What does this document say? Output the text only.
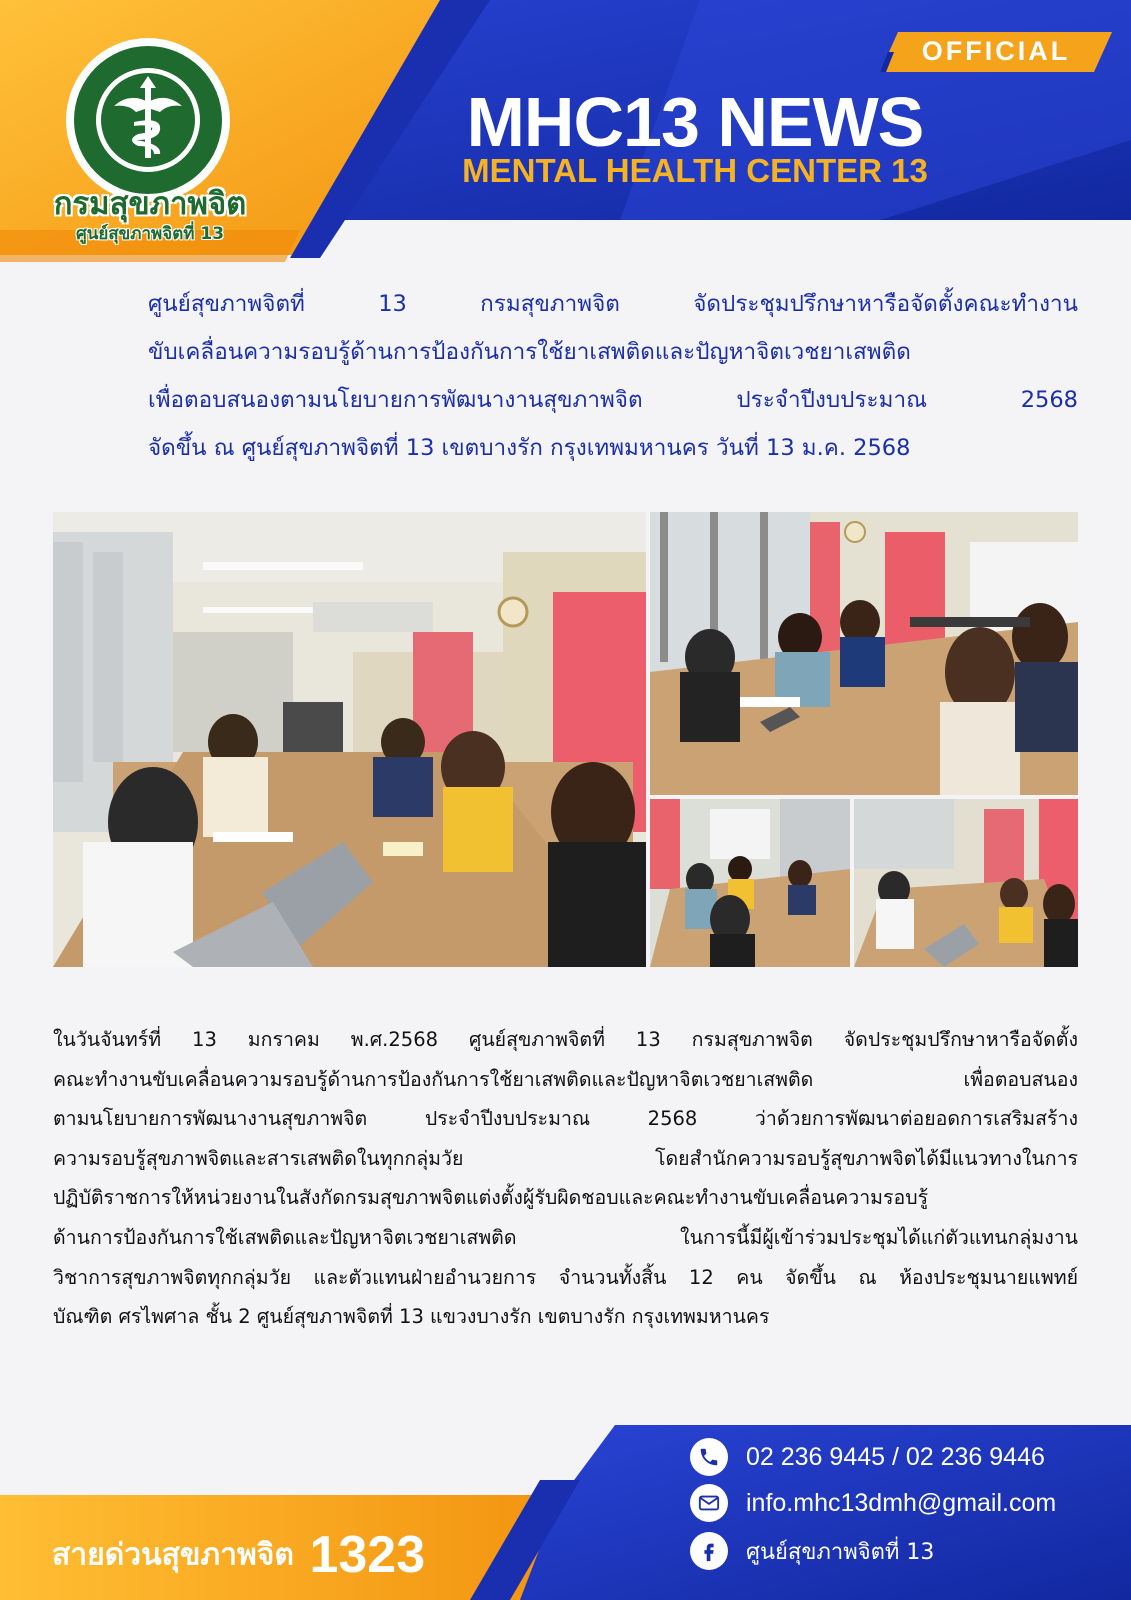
กรมสุขภาพจิต
ศูนย์สุขภาพจิตที่ 13
OFFICIAL
MHC13 NEWS
MENTAL HEALTH CENTER 13
ศูนย์สุขภาพจิตที่ 13 กรมสุขภาพจิต จัดประชุมปรึกษาหารือจัดตั้งคณะทำงาน
ขับเคลื่อนความรอบรู้ด้านการป้องกันการใช้ยาเสพติดและปัญหาจิตเวชยาเสพติด
เพื่อตอบสนองตามนโยบายการพัฒนางานสุขภาพจิต ประจำปีงบประมาณ 2568
จัดขึ้น ณ ศูนย์สุขภาพจิตที่ 13 เขตบางรัก กรุงเทพมหานคร วันที่ 13 ม.ค. 2568
ในวันจันทร์ที่ 13 มกราคม พ.ศ.2568 ศูนย์สุขภาพจิตที่ 13 กรมสุขภาพจิต จัดประชุมปรึกษาหารือจัดตั้ง
คณะทำงานขับเคลื่อนความรอบรู้ด้านการป้องกันการใช้ยาเสพติดและปัญหาจิตเวชยาเสพติด เพื่อตอบสนอง
ตามนโยบายการพัฒนางานสุขภาพจิต ประจำปีงบประมาณ 2568 ว่าด้วยการพัฒนาต่อยอดการเสริมสร้าง
ความรอบรู้สุขภาพจิตและสารเสพติดในทุกกลุ่มวัย โดยสำนักความรอบรู้สุขภาพจิตได้มีแนวทางในการ
ปฏิบัติราชการให้หน่วยงานในสังกัดกรมสุขภาพจิตแต่งตั้งผู้รับผิดชอบและคณะทำงานขับเคลื่อนความรอบรู้
ด้านการป้องกันการใช้เสพติดและปัญหาจิตเวชยาเสพติด ในการนี้มีผู้เข้าร่วมประชุมได้แก่ตัวแทนกลุ่มงาน
วิชาการสุขภาพจิตทุกกลุ่มวัย และตัวแทนฝ่ายอำนวยการ จำนวนทั้งสิ้น 12 คน จัดขึ้น ณ ห้องประชุมนายแพทย์
บัณฑิต ศรไพศาล ชั้น 2 ศูนย์สุขภาพจิตที่ 13 แขวงบางรัก เขตบางรัก กรุงเทพมหานคร
สายด่วนสุขภาพจิต 1323
02 236 9445 / 02 236 9446
info.mhc13dmh@gmail.com
ศูนย์สุขภาพจิตที่ 13
